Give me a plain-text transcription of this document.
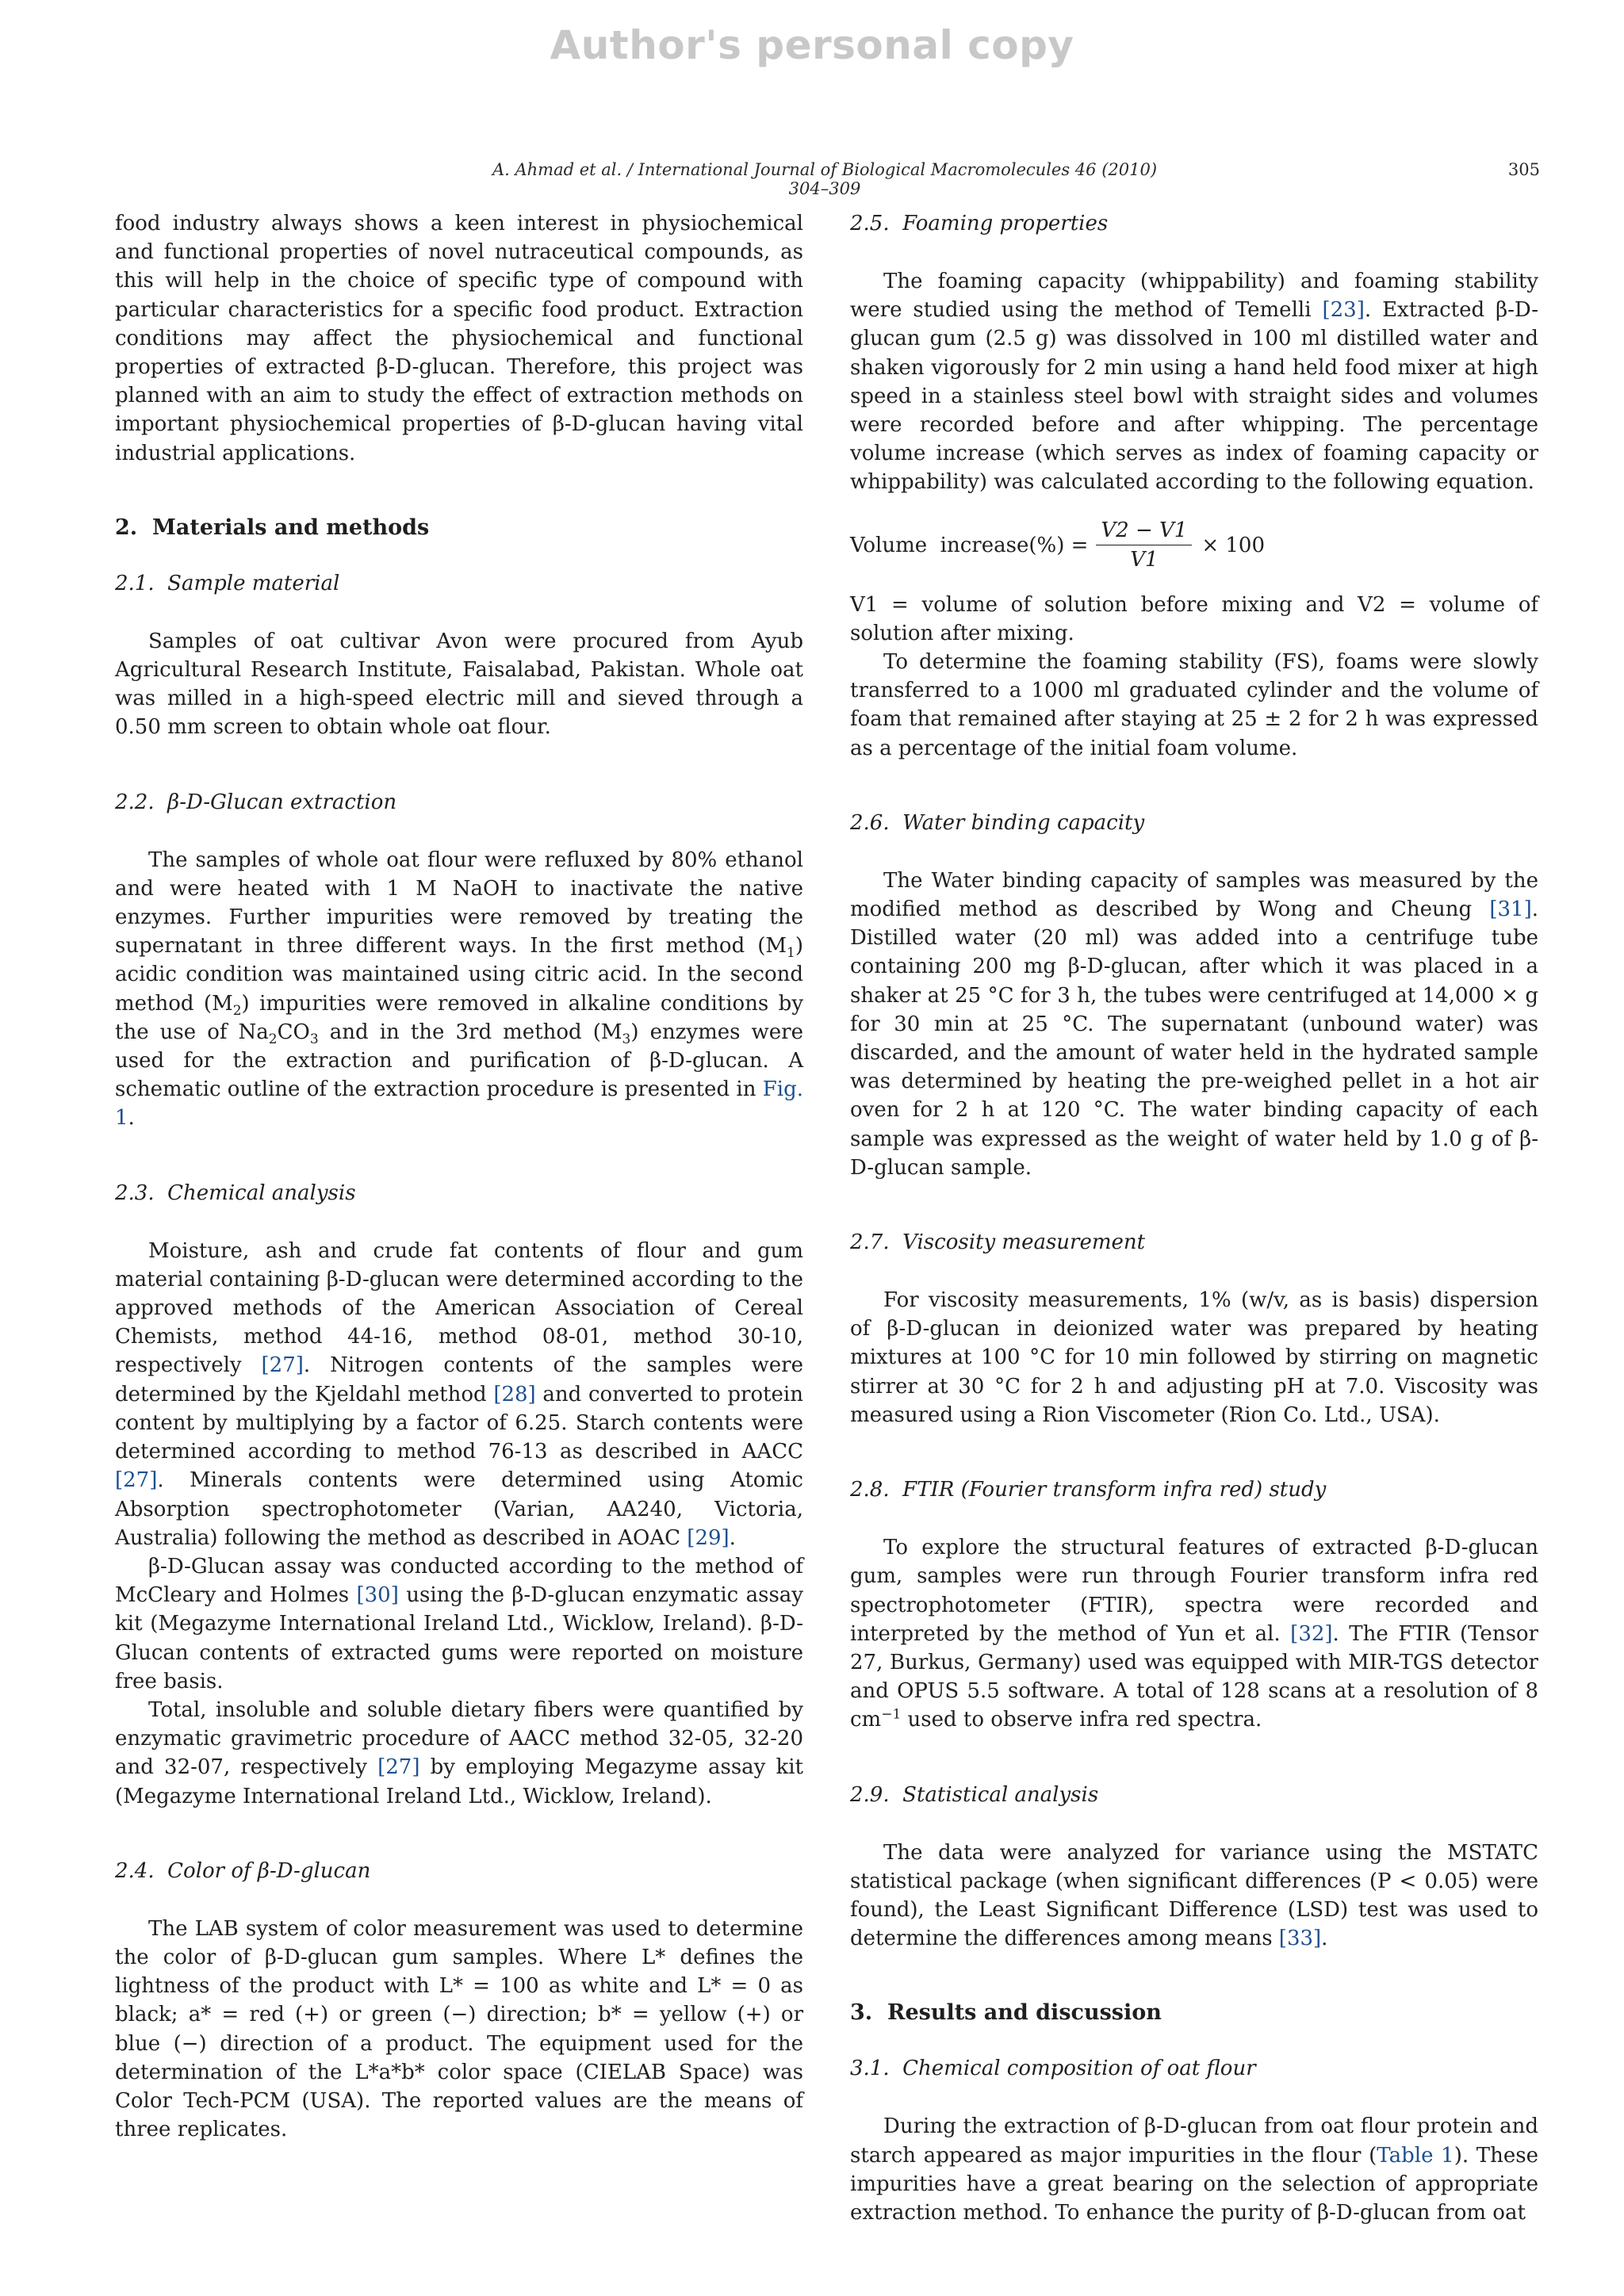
Author's personal copy
A. Ahmad et al. / International Journal of Biological Macromolecules 46 (2010) 304–309
305

food industry always shows a keen interest in physiochemical and functional properties of novel nutraceutical compounds, as this will help in the choice of specific type of compound with particular characteristics for a specific food product. Extraction conditions may affect the physiochemical and functional properties of extracted β-D-glucan. Therefore, this project was planned with an aim to study the effect of extraction methods on important physiochemical properties of β-D-glucan having vital industrial applications.

2. Materials and methods
2.1. Sample material

Samples of oat cultivar Avon were procured from Ayub Agricultural Research Institute, Faisalabad, Pakistan. Whole oat was milled in a high-speed electric mill and sieved through a 0.50 mm screen to obtain whole oat flour.

2.2. β-D-Glucan extraction

The samples of whole oat flour were refluxed by 80% ethanol and were heated with 1 M NaOH to inactivate the native enzymes. Further impurities were removed by treating the supernatant in three different ways. In the first method $(M_1)$ acidic condition was maintained using citric acid. In the second method $(M_2)$ impurities were removed in alkaline conditions by the use of $Na_2CO_3$ and in the 3rd method $(M_3)$ enzymes were used for the extraction and purification of β-D-glucan. A schematic outline of the extraction procedure is presented in Fig. 1.

2.3. Chemical analysis

Moisture, ash and crude fat contents of flour and gum material containing β-D-glucan were determined according to the approved methods of the American Association of Cereal Chemists, method 44-16, method 08-01, method 30-10, respectively [27]. Nitrogen contents of the samples were determined by the Kjeldahl method [28] and converted to protein content by multiplying by a factor of 6.25. Starch contents were determined according to method 76-13 as described in AACC [27]. Minerals contents were determined using Atomic Absorption spectrophotometer (Varian, AA240, Victoria, Australia) following the method as described in AOAC [29].

β-D-Glucan assay was conducted according to the method of McCleary and Holmes [30] using the β-D-glucan enzymatic assay kit (Megazyme International Ireland Ltd., Wicklow, Ireland). β-D-Glucan contents of extracted gums were reported on moisture free basis.

Total, insoluble and soluble dietary fibers were quantified by enzymatic gravimetric procedure of AACC method 32-05, 32-20 and 32-07, respectively [27] by employing Megazyme assay kit (Megazyme International Ireland Ltd., Wicklow, Ireland).

2.4. Color of β-D-glucan

The LAB system of color measurement was used to determine the color of β-D-glucan gum samples. Where L* defines the lightness of the product with L* = 100 as white and L* = 0 as black; a* = red (+) or green (−) direction; b* = yellow (+) or blue (−) direction of a product. The equipment used for the determination of the L*a*b* color space (CIELAB Space) was Color Tech-PCM (USA). The reported values are the means of three replicates.

2.5. Foaming properties

The foaming capacity (whippability) and foaming stability were studied using the method of Temelli [23]. Extracted β-D-glucan gum (2.5 g) was dissolved in 100 ml distilled water and shaken vigorously for 2 min using a hand held food mixer at high speed in a stainless steel bowl with straight sides and volumes were recorded before and after whipping. The percentage volume increase (which serves as index of foaming capacity or whippability) was calculated according to the following equation.

Volume  increase(%) = $\frac{V2 - V1}{V1} \times 100$

V1 = volume of solution before mixing and V2 = volume of solution after mixing.

To determine the foaming stability (FS), foams were slowly transferred to a 1000 ml graduated cylinder and the volume of foam that remained after staying at 25 ± 2 for 2 h was expressed as a percentage of the initial foam volume.

2.6. Water binding capacity

The Water binding capacity of samples was measured by the modified method as described by Wong and Cheung [31]. Distilled water (20 ml) was added into a centrifuge tube containing 200 mg β-D-glucan, after which it was placed in a shaker at 25 °C for 3 h, the tubes were centrifuged at 14,000 × g for 30 min at 25 °C. The supernatant (unbound water) was discarded, and the amount of water held in the hydrated sample was determined by heating the pre-weighed pellet in a hot air oven for 2 h at 120 °C. The water binding capacity of each sample was expressed as the weight of water held by 1.0 g of β-D-glucan sample.

2.7. Viscosity measurement

For viscosity measurements, 1% (w/v, as is basis) dispersion of β-D-glucan in deionized water was prepared by heating mixtures at 100 °C for 10 min followed by stirring on magnetic stirrer at 30 °C for 2 h and adjusting pH at 7.0. Viscosity was measured using a Rion Viscometer (Rion Co. Ltd., USA).

2.8. FTIR (Fourier transform infra red) study

To explore the structural features of extracted β-D-glucan gum, samples were run through Fourier transform infra red spectrophotometer (FTIR), spectra were recorded and interpreted by the method of Yun et al. [32]. The FTIR (Tensor 27, Burkus, Germany) used was equipped with MIR-TGS detector and OPUS 5.5 software. A total of 128 scans at a resolution of 8 $cm^{-1}$ used to observe infra red spectra.

2.9. Statistical analysis

The data were analyzed for variance using the MSTATC statistical package (when significant differences (P < 0.05) were found), the Least Significant Difference (LSD) test was used to determine the differences among means [33].

3. Results and discussion
3.1. Chemical composition of oat flour

During the extraction of β-D-glucan from oat flour protein and starch appeared as major impurities in the flour (Table 1). These impurities have a great bearing on the selection of appropriate extraction method. To enhance the purity of β-D-glucan from oat
